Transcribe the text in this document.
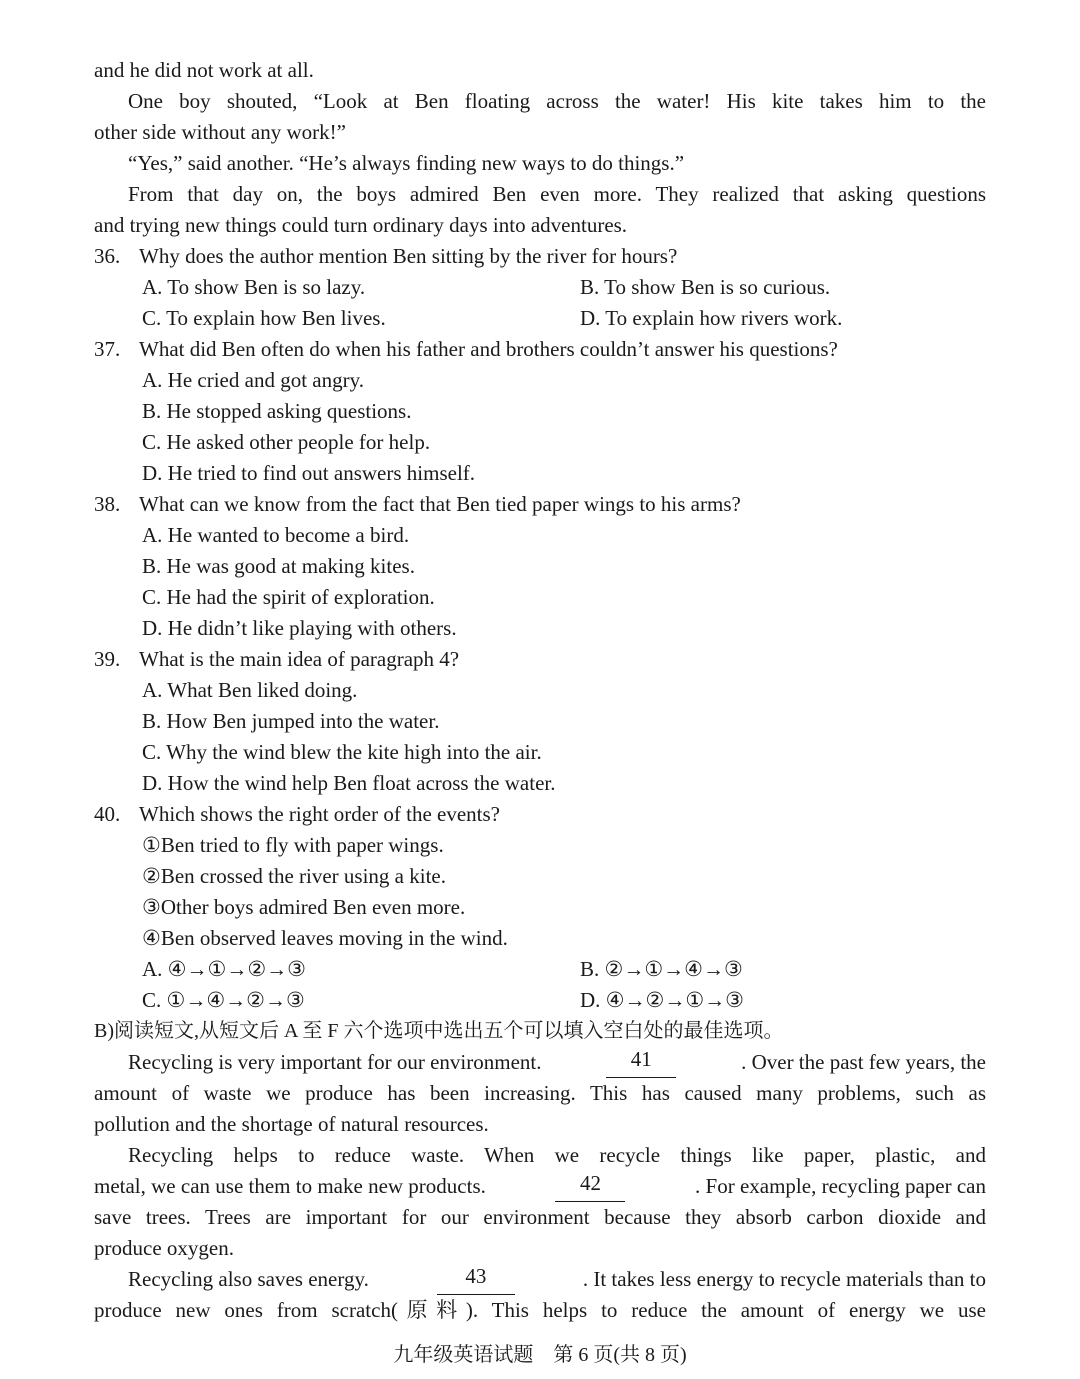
and he did not work at all.
One boy shouted, “Look at Ben floating across the water! His kite takes him to the
other side without any work!”
“Yes,” said another. “He’s always finding new ways to do things.”
From that day on, the boys admired Ben even more. They realized that asking questions
and trying new things could turn ordinary days into adventures.
36. Why does the author mention Ben sitting by the river for hours?
A. To show Ben is so lazy.	B. To show Ben is so curious.
C. To explain how Ben lives.	D. To explain how rivers work.
37. What did Ben often do when his father and brothers couldn’t answer his questions?
A. He cried and got angry.
B. He stopped asking questions.
C. He asked other people for help.
D. He tried to find out answers himself.
38. What can we know from the fact that Ben tied paper wings to his arms?
A. He wanted to become a bird.
B. He was good at making kites.
C. He had the spirit of exploration.
D. He didn’t like playing with others.
39. What is the main idea of paragraph 4?
A. What Ben liked doing.
B. How Ben jumped into the water.
C. Why the wind blew the kite high into the air.
D. How the wind help Ben float across the water.
40. Which shows the right order of the events?
①Ben tried to fly with paper wings.
②Ben crossed the river using a kite.
③Other boys admired Ben even more.
④Ben observed leaves moving in the wind.
A. ④→①→②→③	B. ②→①→④→③
C. ①→④→②→③	D. ④→②→①→③
B)阅读短文,从短文后 A 至 F 六个选项中选出五个可以填入空白处的最佳选项。
Recycling is very important for our environment.	41	. Over the past few years, the
amount of waste we produce has been increasing. This has caused many problems, such as
pollution and the shortage of natural resources.
Recycling helps to reduce waste. When we recycle things like paper, plastic, and
metal, we can use them to make new products.	42	. For example, recycling paper can
save trees. Trees are important for our environment because they absorb carbon dioxide and
produce oxygen.
Recycling also saves energy.	43	. It takes less energy to recycle materials than to
produce new ones from scratch(原料). This helps to reduce the amount of energy we use
九年级英语试题　第 6 页(共 8 页)
